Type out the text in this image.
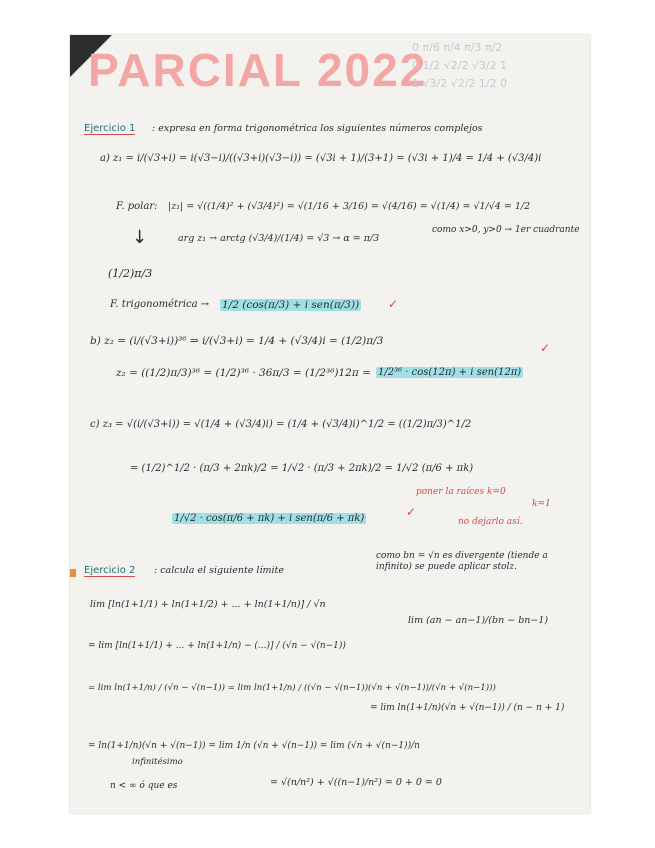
PARCIAL 2022
0 π/6 π/4 π/3 π/2
0 1/2 √2/2 √3/2 1
1 √3/2 √2/2 1/2 0
Ejercicio 1 : expresa en forma trigonométrica los siguientes números complejos
a) z₁ = i/(√3+i) = i(√3−i)/((√3+i)(√3−i)) = (√3i + 1)/(3+1) = (√3i + 1)/4 = 1/4 + (√3/4)i
F. polar: |z₁| = √((1/4)² + (√3/4)²) = √(1/16 + 3/16) = √(4/16) = √(1/4) = √1/√4 = 1/2
↓	arg z₁ → arctg (√3/4)/(1/4) = √3 → α = π/3
como x>0, y>0 → 1er cuadrante
(1/2)π/3
F. trigonométrica → 1/2 (cos(π/3) + i sen(π/3)) ✓
b) z₂ = (i/(√3+i))³⁶ ⇒ i/(√3+i) = 1/4 + (√3/4)i = (1/2)π/3	✓
z₂ = ((1/2)π/3)³⁶ = (1/2)³⁶ · 36π/3 = (1/2³⁶)12π = 1/2³⁶ · cos(12π) + i sen(12π)
c) z₃ = √(i/(√3+i)) = √(1/4 + (√3/4)i) = (1/4 + (√3/4)i)^1/2 = ((1/2)π/3)^1/2
= (1/2)^1/2 · (π/3 + 2πk)/2 = 1/√2 · (π/3 + 2πk)/2 = 1/√2 (π/6 + πk)
poner la raíces k=0
k=1
1/√2 · cos(π/6 + πk) + i sen(π/6 + πk)	✓
no dejarlo así.
Ejercicio 2 : calcula el siguiente límite
lim [ln(1+1/1) + ln(1+1/2) + ... + ln(1+1/n)] / √n
como bn = √n es divergente (tiende a infinito) se puede aplicar stolz.
lim (an − an−1)/(bn − bn−1)
= lim [ln(1+1/1) + ... + ln(1+1/n) − (...)] / (√n − √(n−1))
= lim ln(1+1/n) / (√n − √(n−1)) = lim ln(1+1/n) / ((√n − √(n−1))(√n + √(n−1))/(√n + √(n−1)))
= lim ln(1+1/n)(√n + √(n−1)) / (n − n + 1)
= ln(1+1/n)(√n + √(n−1)) = lim 1/n (√n + √(n−1)) = lim (√n + √(n−1))/n
infinitésimo
n < ∞ ó que es	= √(n/n²) + √((n−1)/n²) = 0 + 0 = 0
